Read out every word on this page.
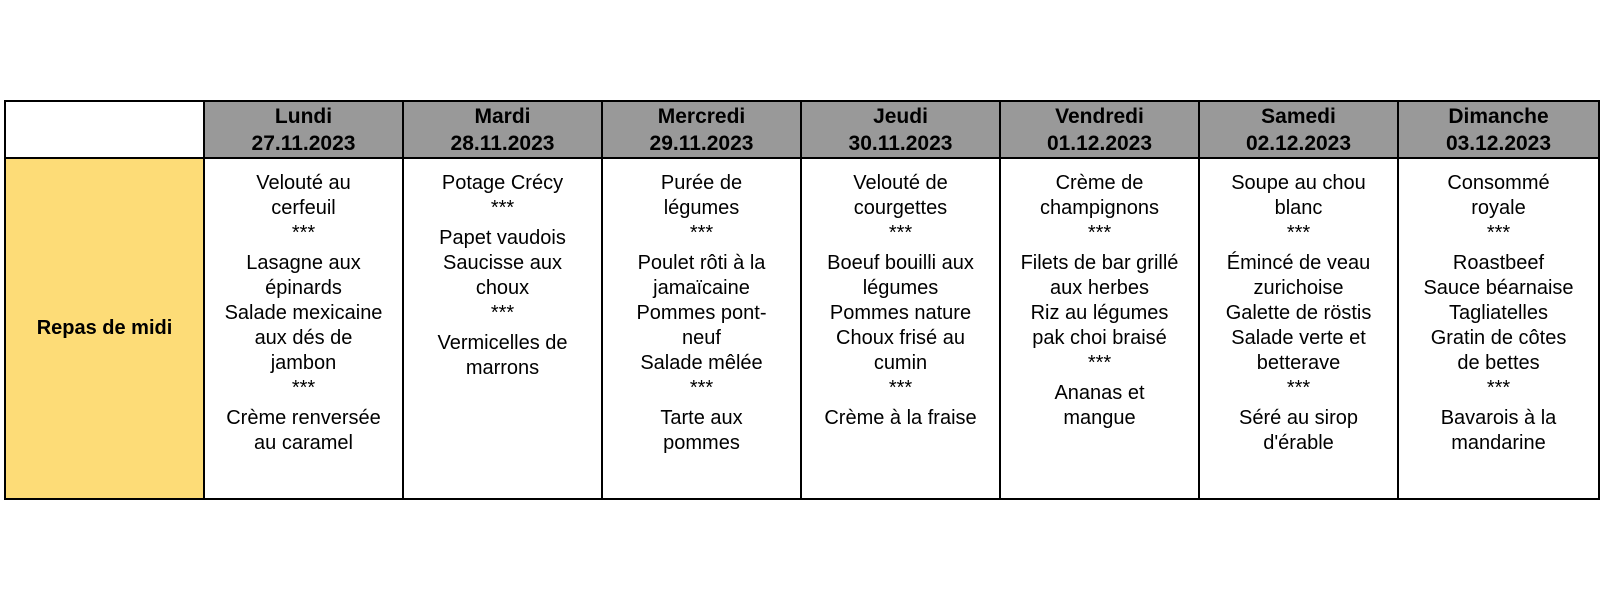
Lundi
27.11.2023
Mardi
28.11.2023
Mercredi
29.11.2023
Jeudi
30.11.2023
Vendredi
01.12.2023
Samedi
02.12.2023
Dimanche
03.12.2023
Repas de midi
Velouté au
cerfeuil
***
Lasagne aux
épinards
Salade mexicaine
aux dés de
jambon
***
Crème renversée
au caramel
Potage Crécy
***
Papet vaudois
Saucisse aux
choux
***
Vermicelles de
marrons
Purée de
légumes
***
Poulet rôti à la
jamaïcaine
Pommes pont-
neuf
Salade mêlée
***
Tarte aux
pommes
Velouté de
courgettes
***
Boeuf bouilli aux
légumes
Pommes nature
Choux frisé au
cumin
***
Crème à la fraise
Crème de
champignons
***
Filets de bar grillé
aux herbes
Riz au légumes
pak choi braisé
***
Ananas et
mangue
Soupe au chou
blanc
***
Émincé de veau
zurichoise
Galette de röstis
Salade verte et
betterave
***
Séré au sirop
d'érable
Consommé
royale
***
Roastbeef
Sauce béarnaise
Tagliatelles
Gratin de côtes
de bettes
***
Bavarois à la
mandarine
